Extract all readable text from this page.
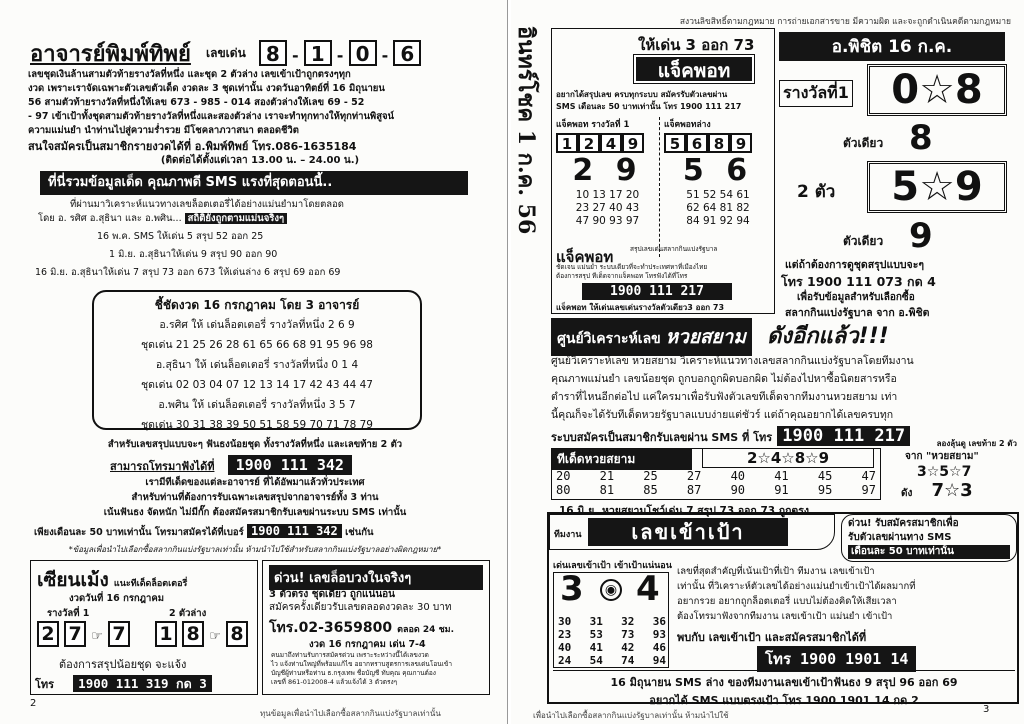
อาจารย์พิมพ์ทิพย์ $^{เลขเด่น}$ 8 - 1 - 0 - 6
เลขชุดเงินล้านสามตัวท้ายรางวัลที่หนึ่ง และชุด 2 ตัวล่าง เลขเข้าเป้าถูกตรงๆทุก
งวด เพราะเราจัดเฉพาะตัวเลขตัวเด็ด งวดละ 3 ชุดเท่านั้น งวดวันอาทิตย์ที่ 16 มิถุนายน
56 สามตัวท้ายรางวัลที่หนึ่งให้เลข 673 - 985 - 014 สองตัวล่างให้เลข 69 - 52
- 97 เข้าเป้าทั้งชุดสามตัวท้ายรางวัลที่หนึ่งและสองตัวล่าง เราจะทำทุกทางให้ทุกท่านพิสูจน์
ความแม่นยำ นำท่านไปสู่ความร่ำรวย มีโชคลาภวาสนา ตลอดชีวิต
สนใจสมัครเป็นสมาชิกรายงวดได้ที่ อ.พิมพ์ทิพย์ โทร.086-1635184
(ติดต่อได้ตั้งแต่เวลา 13.00 น. – 24.00 น.)
ที่นี่รวมข้อมูลเด็ด คุณภาพดี SMS แรงที่สุดตอนนี้..
ที่ผ่านมาวิเคราะห์แนวทางเลขล็อตเตอรี่ได้อย่างแม่นยำมาโดยตลอด
โดย อ. รศิศ อ.สุธินา และ อ.พศิน... สถิติยังถูกตามแม่นจริงๆ
16 พ.ค. SMS ให้เด่น 5 สรุป 52 ออก 25
1 มิ.ย. อ.สุธินาให้เด่น 9 สรุป 90 ออก 90
16 มิ.ย. อ.สุธินาให้เด่น 7 สรุป 73 ออก 673 ให้เด่นล่าง 6 สรุป 69 ออก 69
ชี้ชัดงวด 16 กรกฎาคม โดย 3 อาจารย์
อ.รศิศ ให้ เด่นล็อตเตอรี่ รางวัลที่หนึ่ง 2 6 9
ชุดเด่น 21 25 26 28 61 65 66 68 91 95 96 98
อ.สุธินา ให้ เด่นล็อตเตอรี่ รางวัลที่หนึ่ง 0 1 4
ชุดเด่น 02 03 04 07 12 13 14 17 42 43 44 47
อ.พศิน ให้ เด่นล็อตเตอรี่ รางวัลที่หนึ่ง 3 5 7
ชุดเด่น 30 31 38 39 50 51 58 59 70 71 78 79
สำหรับเลขสรุปแบบจะๆ ฟันธงน้อยชุด ทั้งรางวัลที่หนึ่ง และเลขท้าย 2 ตัว
สามารถโทรมาฟังได้ที่ 1900 111 342
เรามีทีเด็ดของแต่ละอาจารย์ ที่ได้อัพมาแล้วทั่วประเทศ
สำหรับท่านที่ต้องการรับเฉพาะเลขสรุปจากอาจารย์ทั้ง 3 ท่าน
เน้นฟันธง จัดหนัก ไม่มีกั๊ก ต้องสมัครสมาชิกรับเลขผ่านระบบ SMS เท่านั้น
เพียงเดือนละ 50 บาทเท่านั้น โทรมาสมัครได้ที่เบอร์ 1900 111 342 เช่นกัน
*ข้อมูลเพื่อนำไปเลือกซื้อสลากกินแบ่งรัฐบาลเท่านั้น ห้ามนำไปใช้สำหรับสลากกินแบ่งรัฐบาลอย่างผิดกฎหมาย*
เซียนเม้ง แนะทีเด็ดล็อตเตอรี่
งวดวันที่ 16 กรกฎาคม
รางวัลที่ 1	2 ตัวล่าง
2 7 ☞ 7 1 8 ☞ 8
ต้องการสรุปน้อยชุด จะแจ้ง
โทร 1900 111 319 กด 3
ด่วน! เลขล็อบวงในจริงๆ
3 ตัวตรง ชุดเดียว ถูกแน่นอน
สมัครครั้งเดียวรับเลขตลอดงวดละ 30 บาท
โทร.02-3659800 ตลอด 24 ชม.
งวด 16 กรกฎาคม เด่น 7-4
คนมาถึงท่านรับการสมัครด่วน เพราะระหว่างนี้ได้เลขงวด
ไว แจ้งท่านใหญ่ที่พร้อมแก้ไข อยากทราบสูตรการเลขเด่นโอนเข้า
บัญชีผู้ท่านหรือท่าน ธ.กรุงเทพ ชื่อบัญชี ทับคุณ คุณกานต์อง
เลขที่ 861-012008-4 แล้วแจ้งได้ 3 ตัวตรงๆ
2
ทุนข้อมูลเพื่อนำไปเลือกซื้อสลากกินแบ่งรัฐบาลเท่านั้น
สงวนลิขสิทธิ์ตามกฎหมาย การถ่ายเอกสารขาย มีความผิด และจะถูกดำเนินคดีตามกฎหมาย
อินทร์โชค 1 ก.ค. 56	ให้เด่น 3 ออก 73
แจ็คพอท
อยากได้สรุปเลข ครบทุกระบบ สมัครรับตัวเลขผ่าน
SMS เดือนละ 50 บาทเท่านั้น โทร 1900 111 217
แจ็คพอท รางวัลที่ 1
1 2 4 9
2 9
10 13 17 20
23 27 40 43
47 90 93 97
แจ็คพอทล่าง
5 6 8 9
5 6
51 52 54 61
62 64 81 82
84 91 92 94
แจ็คพอท	สรุปเลขเด่นสลากกินแบ่งรัฐบาล
ชัดเจน แม่นยำ ระบบเดียวที่จะทำประเทศหาที่เมืองไทย
ต้องการสรุป ทีเด็ดจากแจ็คพอท โทรฟังได้ที่โทร
1900 111 217
แจ็คพอท ให้เด่นเลขเด่นรางวัลตัวเดียว3 ออก 73
อ.พิชิต 16 ก.ค.
รางวัลที่1	0☆8
ตัวเดียว 8
2 ตัว	5☆9
ตัวเดียว 9
แต่ถ้าต้องการดูชุดสรุปแบบจะๆ
โทร 1900 111 073 กด 4
เพื่อรับข้อมูลสำหรับเลือกซื้อ
สลากกินแบ่งรัฐบาล จาก อ.พิชิต
ศูนย์วิเคราะห์เลข หวยสยาม ดังอีกแล้ว!!!
ศูนย์วิเคราะห์เลข หวยสยาม วิเคราะห์แนวทางเลขสลากกินแบ่งรัฐบาลโดยทีมงาน
คุณภาพแม่นยำ เลขน้อยชุด ถูกบอกถูกผิดบอกผิด ไม่ต้องไปหาซื้อนิตยสารหรือ
ตำราที่ไหนอีกต่อไป แค่ใครมาเพื่อรับฟังตัวเลขทีเด็ดจากทีมงานหวยสยาม เท่า
นี้คุณก็จะได้รับทีเด็ดหวยรัฐบาลแบบง่ายแต่ชัวร์ แต่ถ้าคุณอยากได้เลขครบทุก
ระบบสมัครเป็นสมาชิกรับเลขผ่าน SMS ที่ โทร 1900 111 217
ทีเด็ดหวยสยาม	2☆4☆8☆9
20 21 25 27 40 41 45 47
80 81 85 87 90 91 95 97
ลองลุ้นดู เลขท้าย 2 ตัว
จาก "หวยสยาม"
3☆5☆7
ดัง 7☆3
16 มิ.ย. หวยสยามโชว์เด่น 7 สรุป 73 ออก 73 ถูกตรง
ทีมงาน	เลขเข้าเป้า	ด่วน! รับสมัครสมาชิกเพื่อ
รับตัวเลขผ่านทาง SMS
เดือนละ 50 บาทเท่านั้น
เด่นเลขเข้าเป้า เข้าเป้าแน่นอน
3	◉ 4
30 31 32 36
23 53 73 93
40 41 42 46
24 54 74 94
เลขที่สุดสำคัญที่เน้นเป้าที่เป้า ทีมงาน เลขเข้าเป้า
เท่านั้น ที่วิเคราะห์ตัวเลขได้อย่างแม่นยำเข้าเป้าได้ผลมากที่
อยากรวย อยากถูกล็อตเตอรี่ แบบไม่ต้องคิดให้เสียเวลา
ต้องโทรมาฟังจากทีมงาน เลขเข้าเป้า แม่นยำ เข้าเป้า
พบกับ เลขเข้าเป้า และสมัครสมาชิกได้ที่
โทร 1900 1901 14
16 มิถุนายน SMS ล่าง ของทีมงานเลขเข้าเป้าฟันธง 9 สรุป 96 ออก 69
อยากได้ SMS แบบตรงเป้า โทร 1900 1901 14 กด 2
เพื่อนำไปเลือกซื้อสลากกินแบ่งรัฐบาลเท่านั้น ห้ามนำไปใช้
3
